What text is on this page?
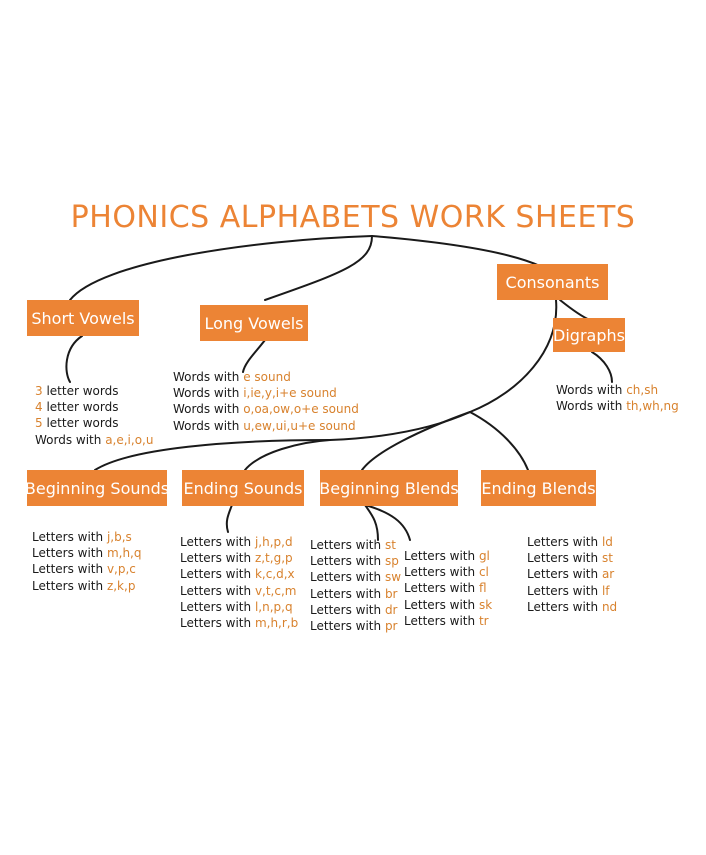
PHONICS ALPHABETS WORK SHEETS
Short Vowels	Long Vowels
Consonants
Digraphs
Beginning Sounds Ending Sounds Beginning Blends Ending Blends
3 letter words
4 letter words
5 letter words
Words with a,e,i,o,u
Words with e sound
Words with i,ie,y,i+e sound
Words with o,oa,ow,o+e sound
Words with u,ew,ui,u+e sound
Words with ch,sh
Words with th,wh,ng
Letters with j,b,s
Letters with m,h,q
Letters with v,p,c
Letters with z,k,p
Letters with j,h,p,d
Letters with z,t,g,p
Letters with k,c,d,x
Letters with v,t,c,m
Letters with l,n,p,q
Letters with m,h,r,b
Letters with st
Letters with sp
Letters with sw
Letters with br
Letters with dr
Letters with pr
Letters with gl
Letters with cl
Letters with fl
Letters with sk
Letters with tr
Letters with ld
Letters with st
Letters with ar
Letters with lf
Letters with nd
